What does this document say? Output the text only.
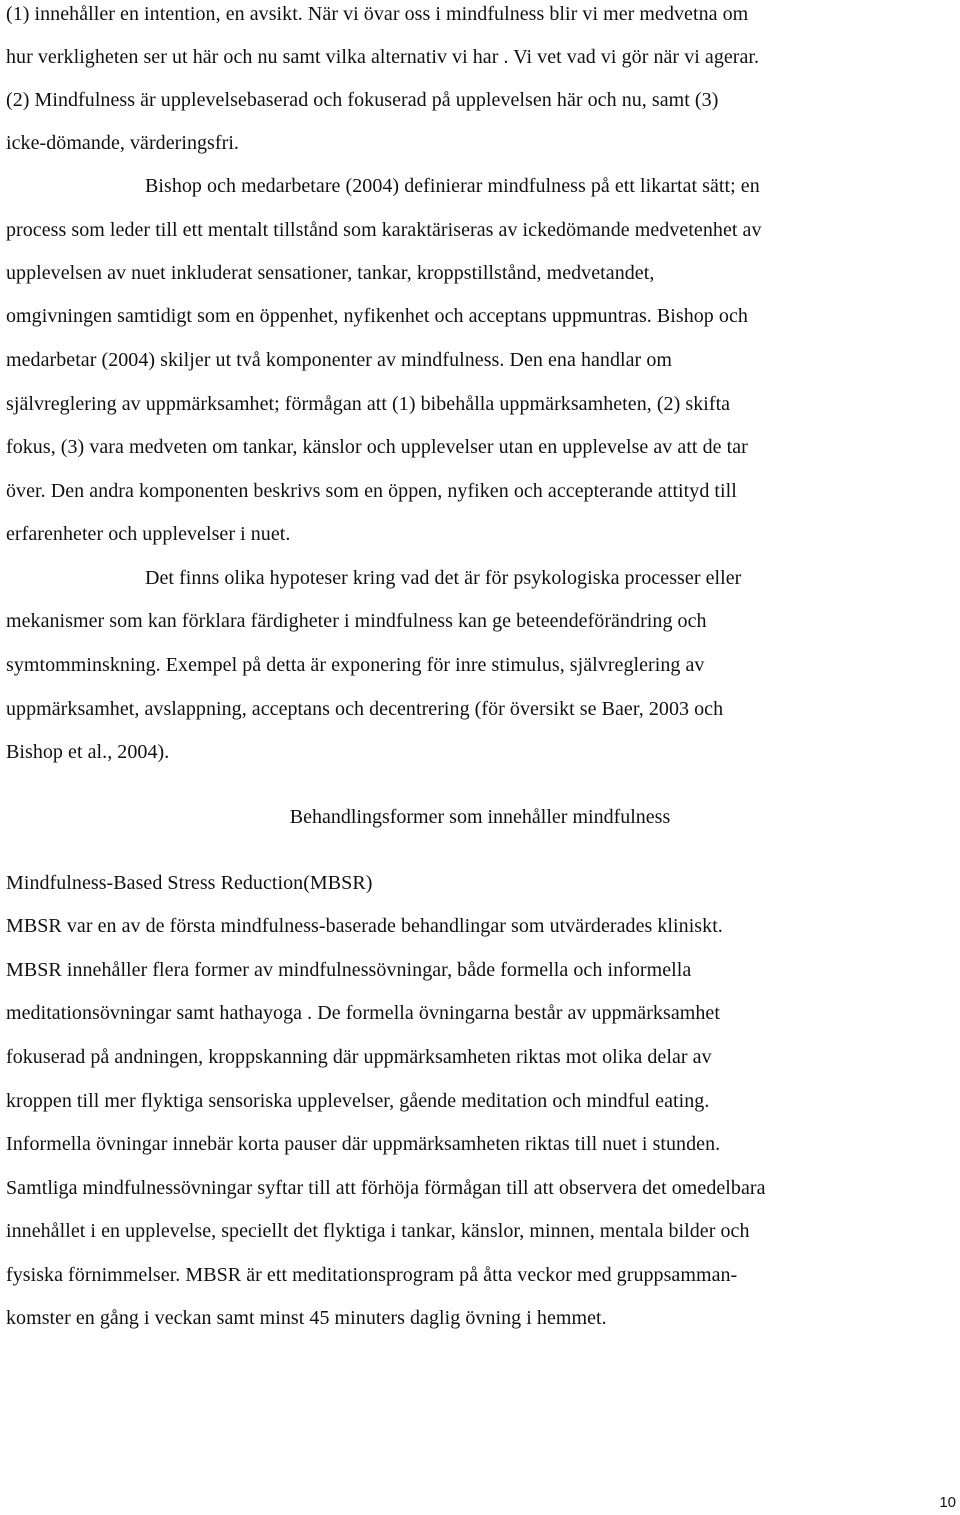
(1) innehåller en intention, en avsikt. När vi övar oss i mindfulness blir vi mer medvetna om
hur verkligheten ser ut här och nu samt vilka alternativ vi har . Vi vet vad vi gör när vi agerar.
(2) Mindfulness är upplevelsebaserad och fokuserad på upplevelsen här och nu, samt (3)
icke-dömande, värderingsfri.
Bishop och medarbetare (2004) definierar mindfulness på ett likartat sätt; en
process som leder till ett mentalt tillstånd som karaktäriseras av ickedömande medvetenhet av
upplevelsen av nuet inkluderat sensationer, tankar, kroppstillstånd, medvetandet,
omgivningen samtidigt som en öppenhet, nyfikenhet och acceptans uppmuntras. Bishop och
medarbetar (2004) skiljer ut två komponenter av mindfulness. Den ena handlar om
självreglering av uppmärksamhet; förmågan att (1) bibehålla uppmärksamheten, (2) skifta
fokus, (3) vara medveten om tankar, känslor och upplevelser utan en upplevelse av att de tar
över. Den andra komponenten beskrivs som en öppen, nyfiken och accepterande attityd till
erfarenheter och upplevelser i nuet.
Det finns olika hypoteser kring vad det är för psykologiska processer eller
mekanismer som kan förklara färdigheter i mindfulness kan ge beteendeförändring och
symtomminskning. Exempel på detta är exponering för inre stimulus, självreglering av
uppmärksamhet, avslappning, acceptans och decentrering (för översikt se Baer, 2003 och
Bishop et al., 2004).
Behandlingsformer som innehåller mindfulness
Mindfulness-Based Stress Reduction(MBSR)
MBSR var en av de första mindfulness-baserade behandlingar som utvärderades kliniskt.
MBSR innehåller flera former av mindfulnessövningar, både formella och informella
meditationsövningar samt hathayoga . De formella övningarna består av uppmärksamhet
fokuserad på andningen, kroppskanning där uppmärksamheten riktas mot olika delar av
kroppen till mer flyktiga sensoriska upplevelser, gående meditation och mindful eating.
Informella övningar innebär korta pauser där uppmärksamheten riktas till nuet i stunden.
Samtliga mindfulnessövningar syftar till att förhöja förmågan till att observera det omedelbara
innehållet i en upplevelse, speciellt det flyktiga i tankar, känslor, minnen, mentala bilder och
fysiska förnimmelser. MBSR är ett meditationsprogram på åtta veckor med gruppsamman-
komster en gång i veckan samt minst 45 minuters daglig övning i hemmet.
10
